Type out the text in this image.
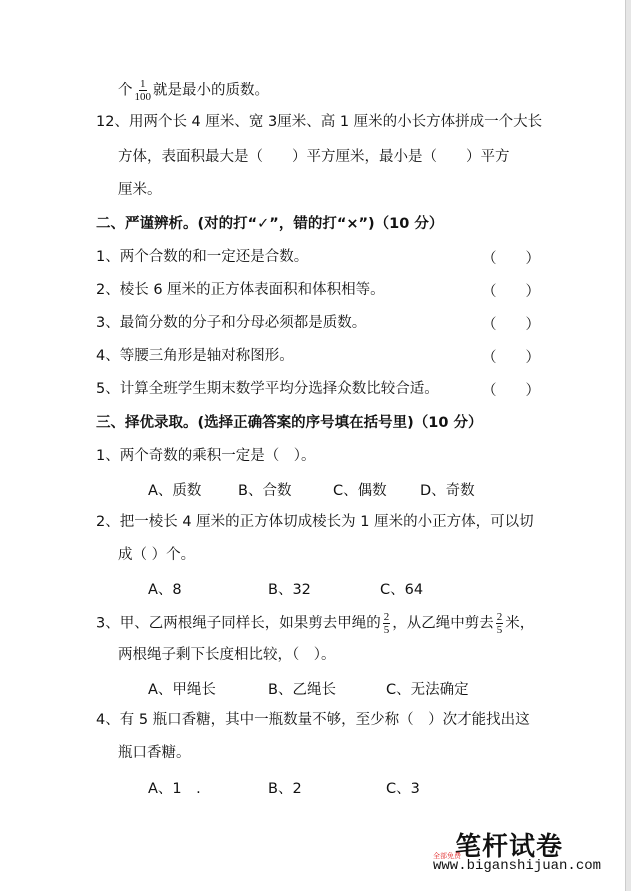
个 $\frac{1}{100}$ 就是最小的质数。
12、用两个长 4 厘米、宽 3厘米、高 1 厘米的小长方体拼成一个大长
方体，表面积最大是（　　）平方厘米，最小是（　　）平方
厘米。
二、严谨辨析。(对的打“✓”，错的打“×”)（10 分）
1、两个合数的和一定还是合数。	（　　）
2、棱长 6 厘米的正方体表面积和体积相等。	（　　）
3、最简分数的分子和分母必须都是质数。	（　　）
4、等腰三角形是轴对称图形。	（　　）
5、计算全班学生期末数学平均分选择众数比较合适。	（　　）
三、择优录取。(选择正确答案的序号填在括号里)（10 分）
1、两个奇数的乘积一定是（　）。
A、质数	B、合数	C、偶数 D、奇数
2、把一棱长 4 厘米的正方体切成棱长为 1 厘米的小正方体，可以切
成（ ）个。
A、8	B、32	C、64
3、甲、乙两根绳子同样长，如果剪去甲绳的 $\frac{2}{5}$ ，从乙绳中剪去 $\frac{2}{5}$ 米，
两根绳子剩下长度相比较，（　）。
A、甲绳长	B、乙绳长	C、无法确定
4、有 5 瓶口香糖，其中一瓶数量不够，至少称（　）次才能找出这
瓶口香糖。
A、1　.	B、2	C、3
笔杆试卷
全部免费
www.biganshijuan.com
